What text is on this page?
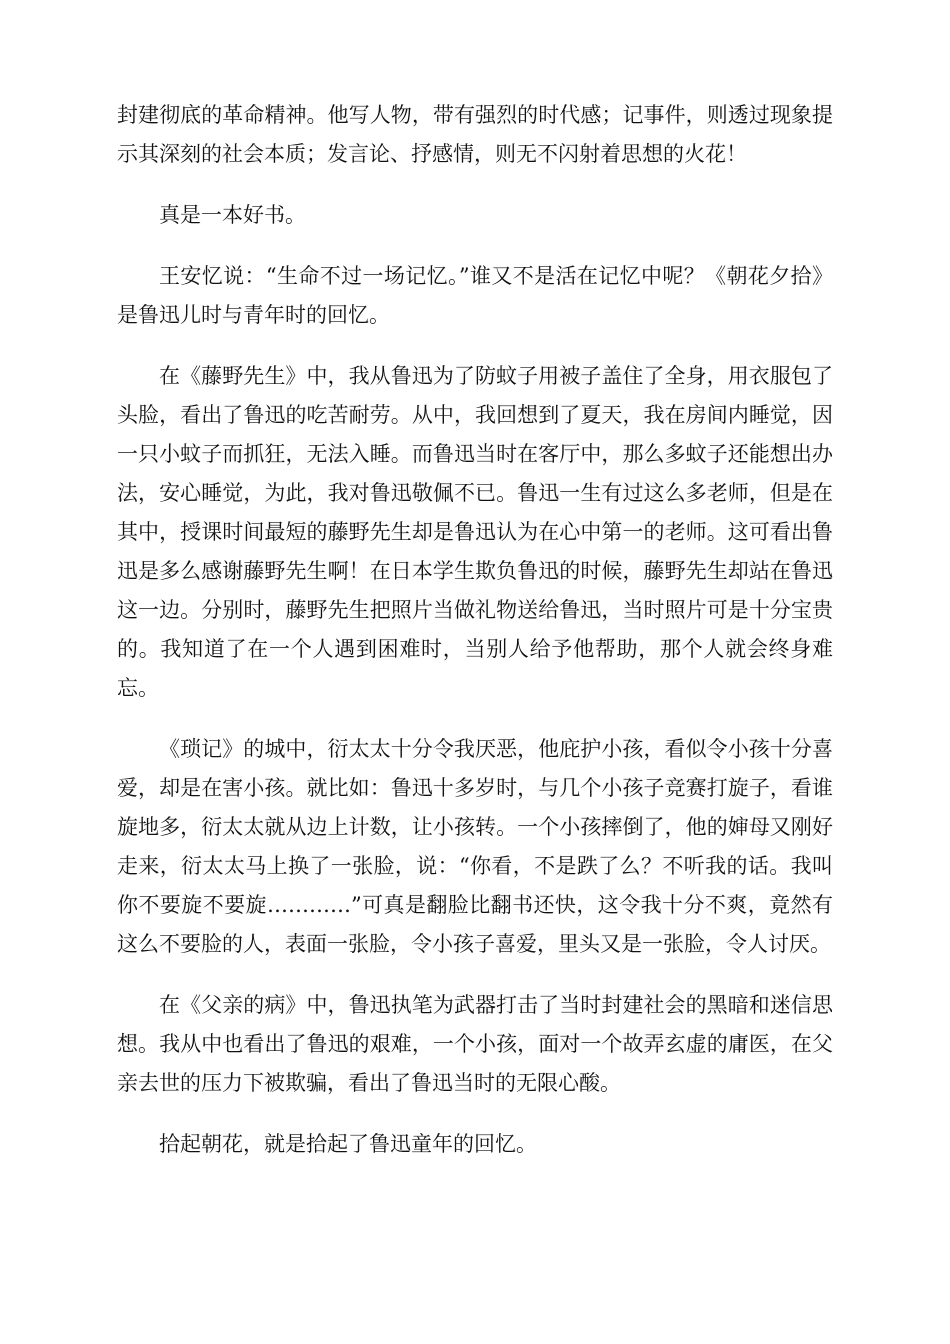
封建彻底的革命精神。他写人物，带有强烈的时代感；记事件，则透过现象提示其深刻的社会本质；发言论、抒感情，则无不闪射着思想的火花！

真是一本好书。

王安忆说：“生命不过一场记忆。”谁又不是活在记忆中呢？《朝花夕拾》是鲁迅儿时与青年时的回忆。

在《藤野先生》中，我从鲁迅为了防蚊子用被子盖住了全身，用衣服包了头脸，看出了鲁迅的吃苦耐劳。从中，我回想到了夏天，我在房间内睡觉，因一只小蚊子而抓狂，无法入睡。而鲁迅当时在客厅中，那么多蚊子还能想出办法，安心睡觉，为此，我对鲁迅敬佩不已。鲁迅一生有过这么多老师，但是在其中，授课时间最短的藤野先生却是鲁迅认为在心中第一的老师。这可看出鲁迅是多么感谢藤野先生啊！在日本学生欺负鲁迅的时候，藤野先生却站在鲁迅这一边。分别时，藤野先生把照片当做礼物送给鲁迅，当时照片可是十分宝贵的。我知道了在一个人遇到困难时，当别人给予他帮助，那个人就会终身难忘。

《琐记》的城中，衍太太十分令我厌恶，他庇护小孩，看似令小孩十分喜爱，却是在害小孩。就比如：鲁迅十多岁时，与几个小孩子竞赛打旋子，看谁旋地多，衍太太就从边上计数，让小孩转。一个小孩摔倒了，他的婶母又刚好走来，衍太太马上换了一张脸，说：“你看，不是跌了么？不听我的话。我叫你不要旋不要旋…………”可真是翻脸比翻书还快，这令我十分不爽，竟然有这么不要脸的人，表面一张脸，令小孩子喜爱，里头又是一张脸，令人讨厌。

在《父亲的病》中，鲁迅执笔为武器打击了当时封建社会的黑暗和迷信思想。我从中也看出了鲁迅的艰难，一个小孩，面对一个故弄玄虚的庸医，在父亲去世的压力下被欺骗，看出了鲁迅当时的无限心酸。

拾起朝花，就是拾起了鲁迅童年的回忆。
